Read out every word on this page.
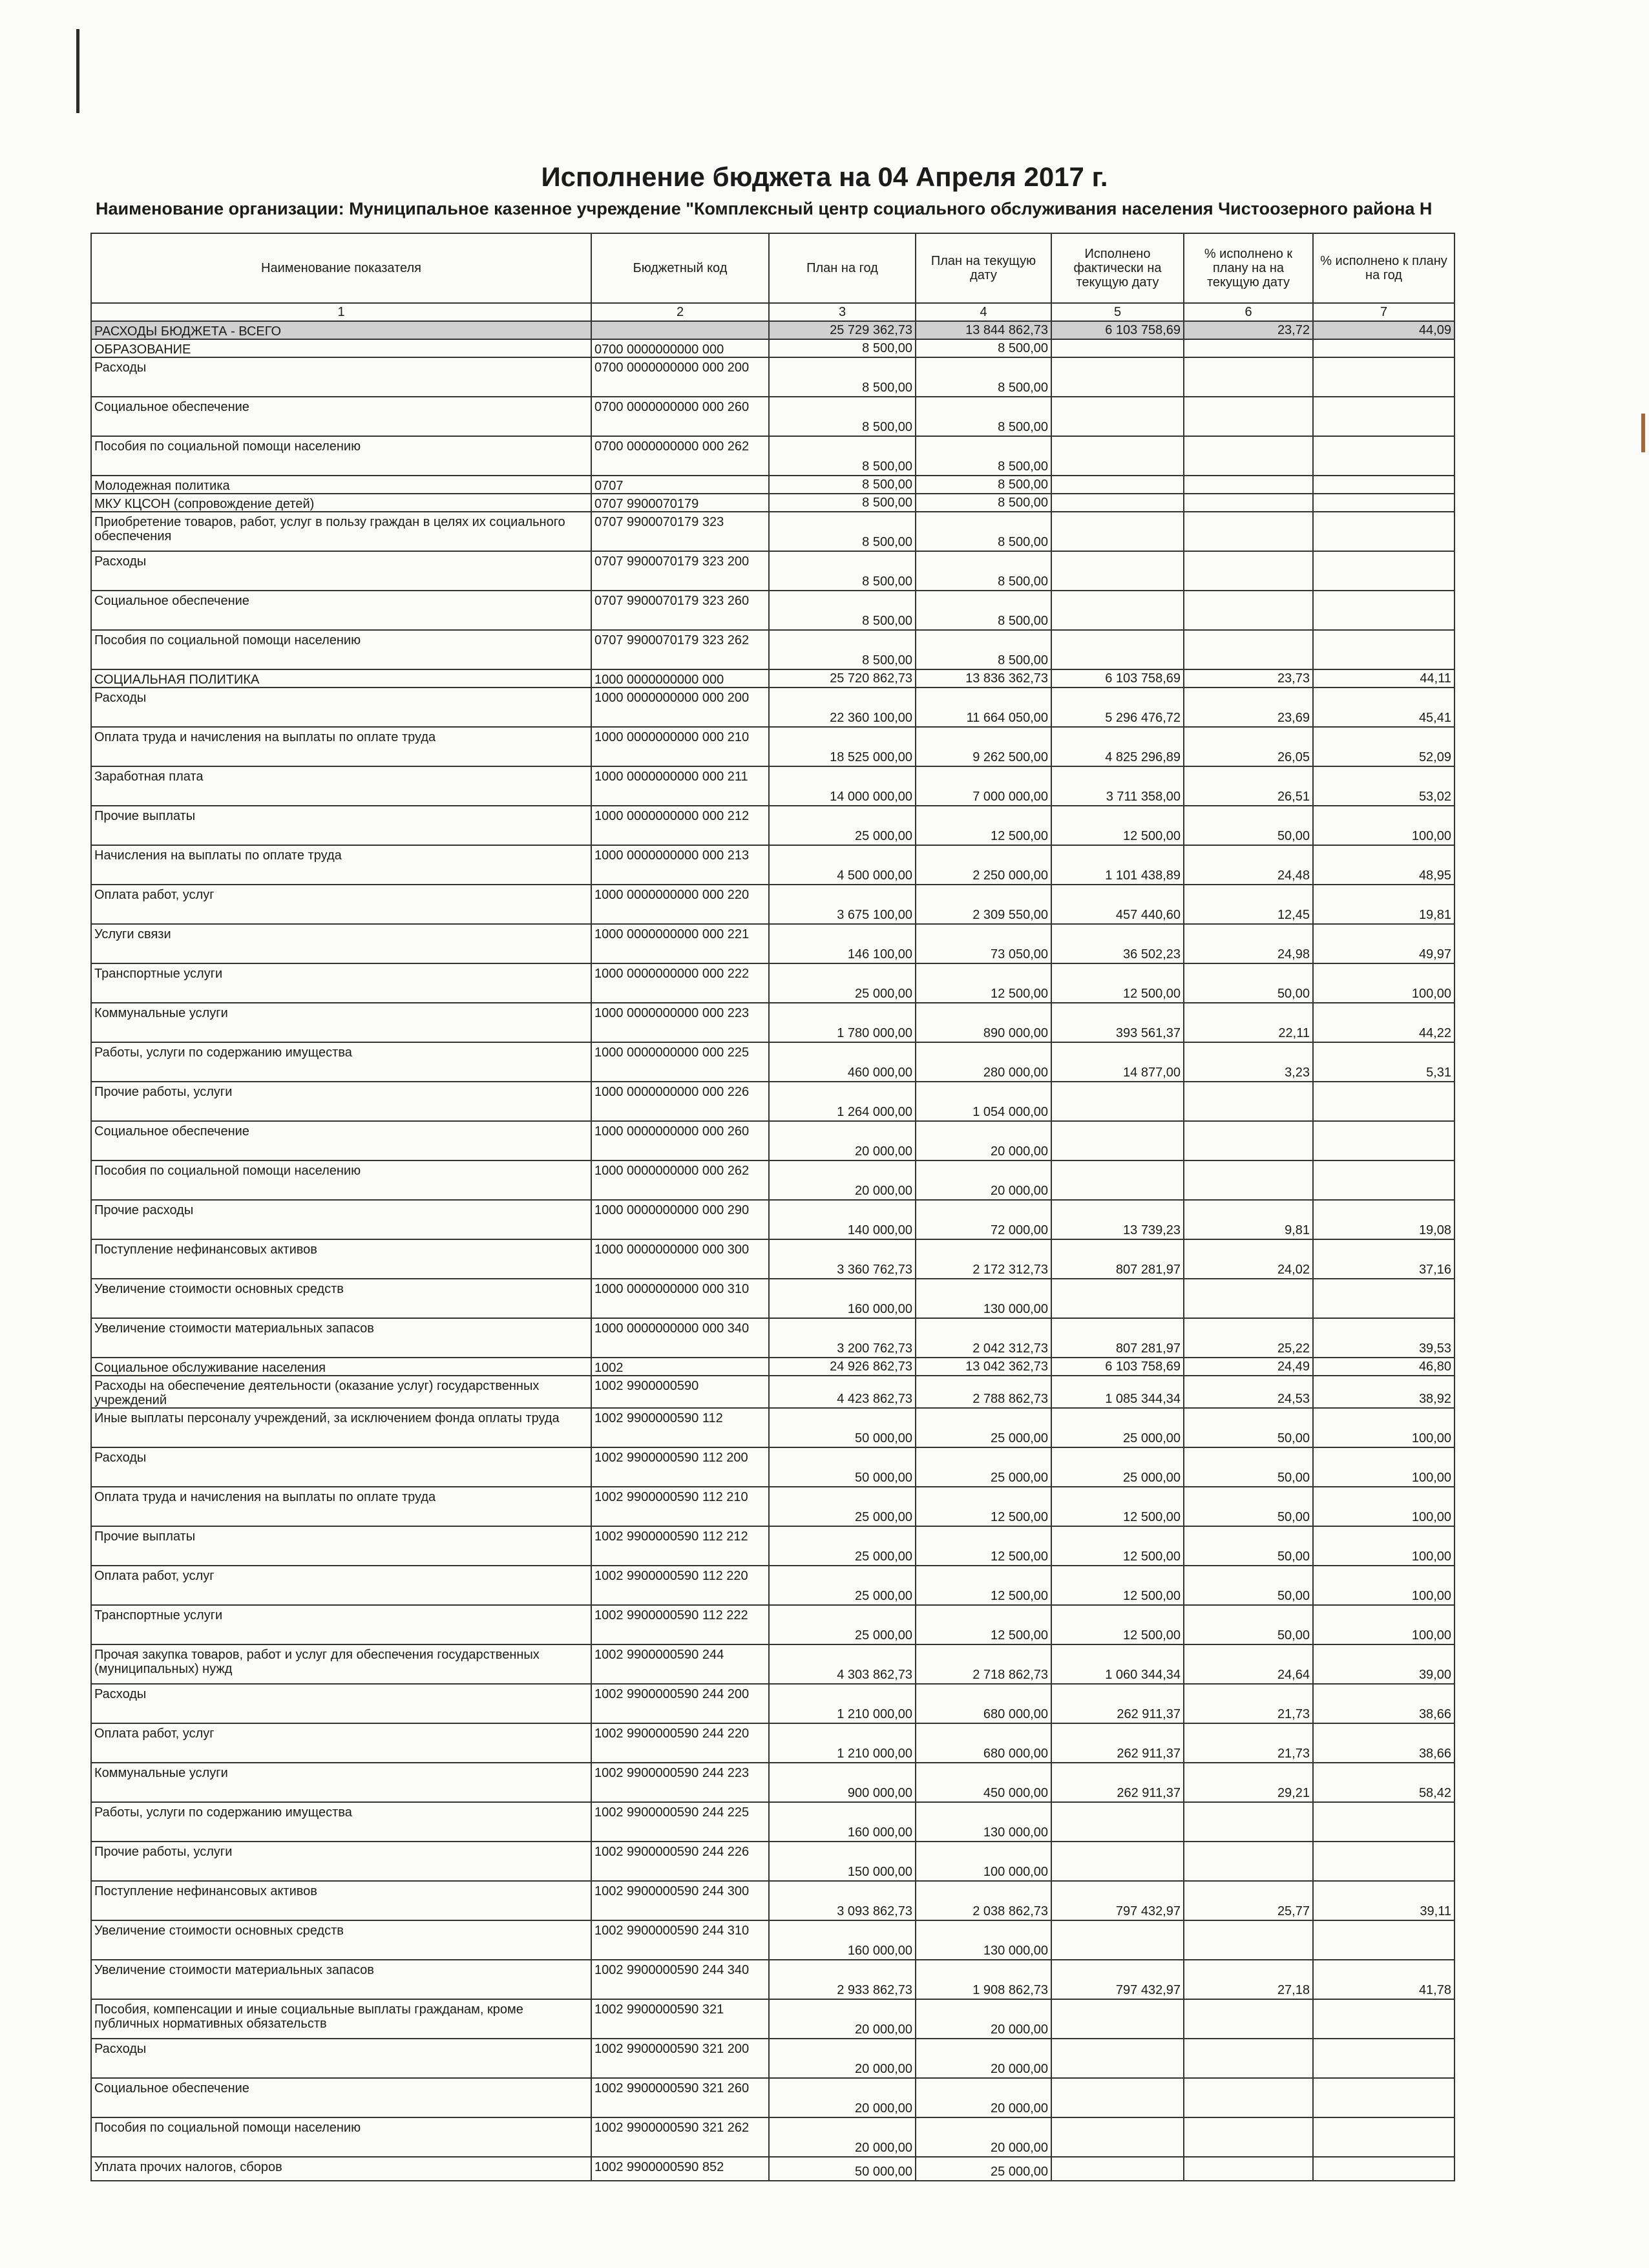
Исполнение бюджета на 04 Апреля 2017 г.
Наименование организации: Муниципальное казенное учреждение "Комплексный центр социального обслуживания населения Чистоозерного района Н
Наименование показателя	Бюджетный код	План на год	План на текущую дату	Исполнено фактически на текущую дату	% исполнено к плану на на текущую дату	% исполнено к плану на год
1	2	3	4	5	6	7
РАСХОДЫ БЮДЖЕТА - ВСЕГО		25 729 362,73	13 844 862,73	6 103 758,69	23,72	44,09
ОБРАЗОВАНИЕ	0700 0000000000 000	8 500,00	8 500,00			
Расходы	0700 0000000000 000 200	8 500,00	8 500,00			
Социальное обеспечение	0700 0000000000 000 260	8 500,00	8 500,00			
Пособия по социальной помощи населению	0700 0000000000 000 262	8 500,00	8 500,00			
Молодежная политика	0707	8 500,00	8 500,00			
МКУ КЦСОН (сопровождение детей)	0707 9900070179	8 500,00	8 500,00			
Приобретение товаров, работ, услуг в пользу граждан в целях их социального обеспечения	0707 9900070179 323	8 500,00	8 500,00			
Расходы	0707 9900070179 323 200	8 500,00	8 500,00			
Социальное обеспечение	0707 9900070179 323 260	8 500,00	8 500,00			
Пособия по социальной помощи населению	0707 9900070179 323 262	8 500,00	8 500,00			
СОЦИАЛЬНАЯ ПОЛИТИКА	1000 0000000000 000	25 720 862,73	13 836 362,73	6 103 758,69	23,73	44,11
Расходы	1000 0000000000 000 200	22 360 100,00	11 664 050,00	5 296 476,72	23,69	45,41
Оплата труда и начисления на выплаты по оплате труда	1000 0000000000 000 210	18 525 000,00	9 262 500,00	4 825 296,89	26,05	52,09
Заработная плата	1000 0000000000 000 211	14 000 000,00	7 000 000,00	3 711 358,00	26,51	53,02
Прочие выплаты	1000 0000000000 000 212	25 000,00	12 500,00	12 500,00	50,00	100,00
Начисления на выплаты по оплате труда	1000 0000000000 000 213	4 500 000,00	2 250 000,00	1 101 438,89	24,48	48,95
Оплата работ, услуг	1000 0000000000 000 220	3 675 100,00	2 309 550,00	457 440,60	12,45	19,81
Услуги связи	1000 0000000000 000 221	146 100,00	73 050,00	36 502,23	24,98	49,97
Транспортные услуги	1000 0000000000 000 222	25 000,00	12 500,00	12 500,00	50,00	100,00
Коммунальные услуги	1000 0000000000 000 223	1 780 000,00	890 000,00	393 561,37	22,11	44,22
Работы, услуги по содержанию имущества	1000 0000000000 000 225	460 000,00	280 000,00	14 877,00	3,23	5,31
Прочие работы, услуги	1000 0000000000 000 226	1 264 000,00	1 054 000,00			
Социальное обеспечение	1000 0000000000 000 260	20 000,00	20 000,00			
Пособия по социальной помощи населению	1000 0000000000 000 262	20 000,00	20 000,00			
Прочие расходы	1000 0000000000 000 290	140 000,00	72 000,00	13 739,23	9,81	19,08
Поступление нефинансовых активов	1000 0000000000 000 300	3 360 762,73	2 172 312,73	807 281,97	24,02	37,16
Увеличение стоимости основных средств	1000 0000000000 000 310	160 000,00	130 000,00			
Увеличение стоимости материальных запасов	1000 0000000000 000 340	3 200 762,73	2 042 312,73	807 281,97	25,22	39,53
Социальное обслуживание населения	1002	24 926 862,73	13 042 362,73	6 103 758,69	24,49	46,80
Расходы на обеспечение деятельности (оказание услуг) государственных учреждений	1002 9900000590	4 423 862,73	2 788 862,73	1 085 344,34	24,53	38,92
Иные выплаты персоналу учреждений, за исключением фонда оплаты труда	1002 9900000590 112	50 000,00	25 000,00	25 000,00	50,00	100,00
Расходы	1002 9900000590 112 200	50 000,00	25 000,00	25 000,00	50,00	100,00
Оплата труда и начисления на выплаты по оплате труда	1002 9900000590 112 210	25 000,00	12 500,00	12 500,00	50,00	100,00
Прочие выплаты	1002 9900000590 112 212	25 000,00	12 500,00	12 500,00	50,00	100,00
Оплата работ, услуг	1002 9900000590 112 220	25 000,00	12 500,00	12 500,00	50,00	100,00
Транспортные услуги	1002 9900000590 112 222	25 000,00	12 500,00	12 500,00	50,00	100,00
Прочая закупка товаров, работ и услуг для обеспечения государственных (муниципальных) нужд	1002 9900000590 244	4 303 862,73	2 718 862,73	1 060 344,34	24,64	39,00
Расходы	1002 9900000590 244 200	1 210 000,00	680 000,00	262 911,37	21,73	38,66
Оплата работ, услуг	1002 9900000590 244 220	1 210 000,00	680 000,00	262 911,37	21,73	38,66
Коммунальные услуги	1002 9900000590 244 223	900 000,00	450 000,00	262 911,37	29,21	58,42
Работы, услуги по содержанию имущества	1002 9900000590 244 225	160 000,00	130 000,00			
Прочие работы, услуги	1002 9900000590 244 226	150 000,00	100 000,00			
Поступление нефинансовых активов	1002 9900000590 244 300	3 093 862,73	2 038 862,73	797 432,97	25,77	39,11
Увеличение стоимости основных средств	1002 9900000590 244 310	160 000,00	130 000,00			
Увеличение стоимости материальных запасов	1002 9900000590 244 340	2 933 862,73	1 908 862,73	797 432,97	27,18	41,78
Пособия, компенсации и иные социальные выплаты гражданам, кроме публичных нормативных обязательств	1002 9900000590 321	20 000,00	20 000,00			
Расходы	1002 9900000590 321 200	20 000,00	20 000,00			
Социальное обеспечение	1002 9900000590 321 260	20 000,00	20 000,00			
Пособия по социальной помощи населению	1002 9900000590 321 262	20 000,00	20 000,00			
Уплата прочих налогов, сборов	1002 9900000590 852	50 000,00	25 000,00			
